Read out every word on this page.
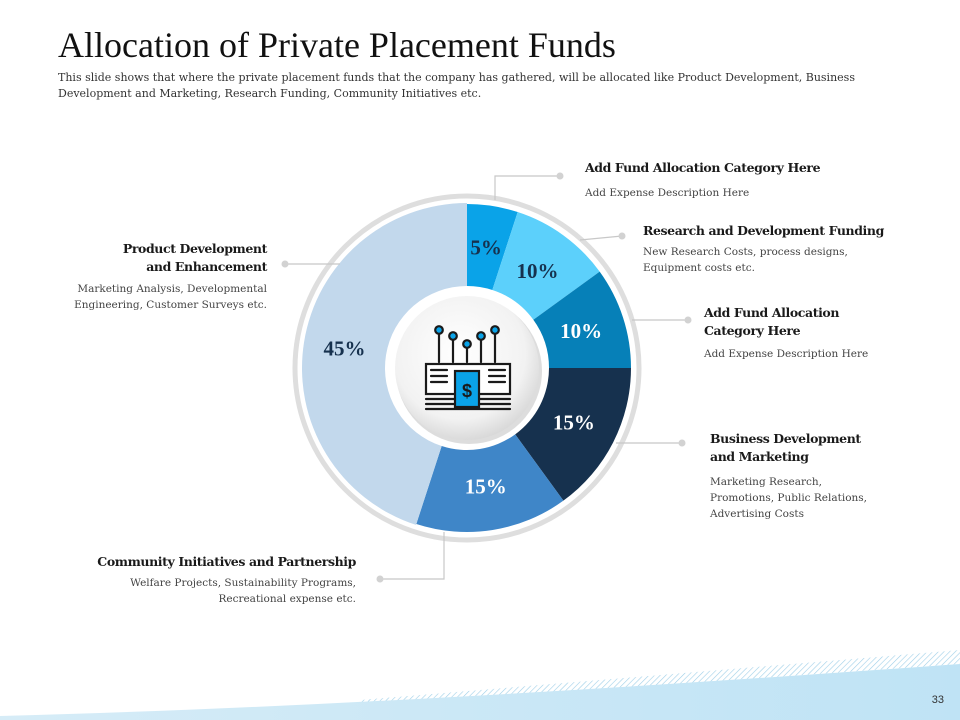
Allocation of Private Placement Funds
This slide shows that where the private placement funds that the company has gathered, will be allocated like Product Development, Business Development and Marketing, Research Funding, Community Initiatives etc.
$
5%
10%
10%
15%
15%
45%
Add Fund Allocation Category Here
Add Expense Description Here
Research and Development Funding
New Research Costs, process designs,
Equipment costs etc.
Add Fund Allocation
Category Here
Add Expense Description Here
Business Development
and Marketing
Marketing Research,
Promotions, Public Relations,
Advertising Costs
Community Initiatives and Partnership
Welfare Projects, Sustainability Programs,
Recreational expense etc.
Product Development
and Enhancement
Marketing Analysis, Developmental
Engineering, Customer Surveys etc.
33
